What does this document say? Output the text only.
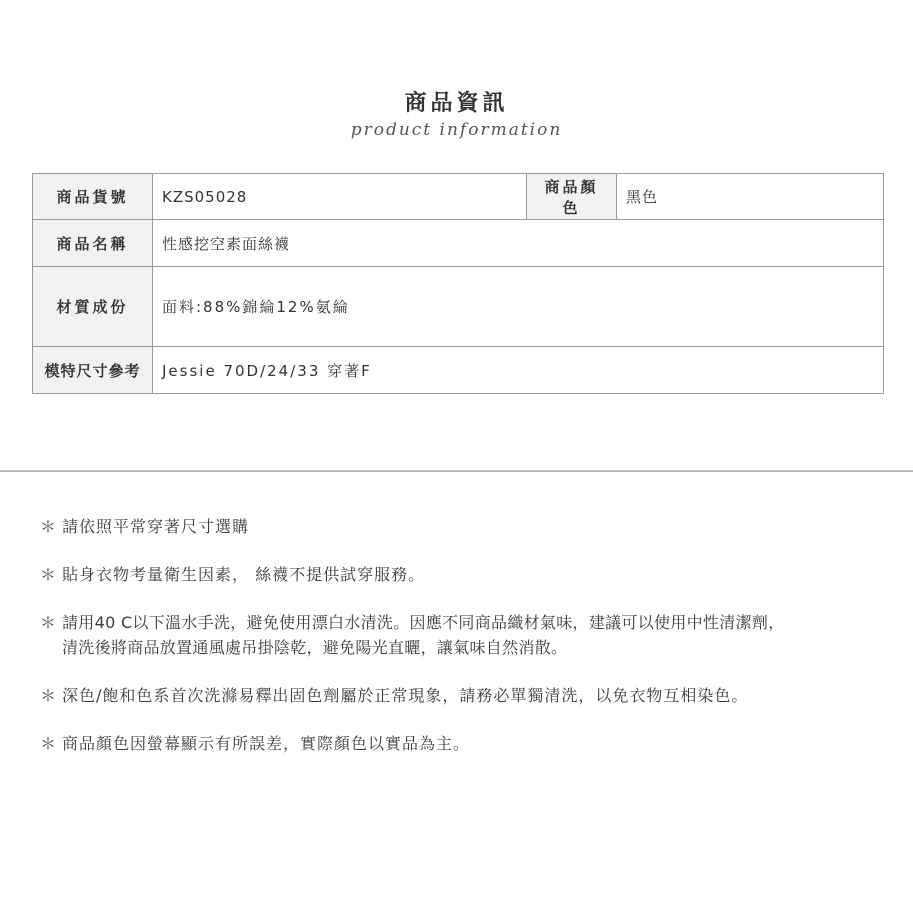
商品資訊
product information
商品貨號	KZS05028	商品顏色	黑色
商品名稱	性感挖空素面絲襪		
材質成份	面料:88%錦綸12%氨綸		
模特尺寸參考	Jessie 70D/24/33 穿著F		
＊ 請依照平常穿著尺寸選購
＊ 貼身衣物考量衛生因素， 絲襪不提供試穿服務。
＊ 請用40 C以下溫水手洗，避免使用漂白水清洗。因應不同商品織材氣味，建議可以使用中性清潔劑，
清洗後將商品放置通風處吊掛陰乾，避免陽光直曬，讓氣味自然消散。
＊ 深色/飽和色系首次洗滌易釋出固色劑屬於正常現象，請務必單獨清洗，以免衣物互相染色。
＊ 商品顏色因螢幕顯示有所誤差，實際顏色以實品為主。
